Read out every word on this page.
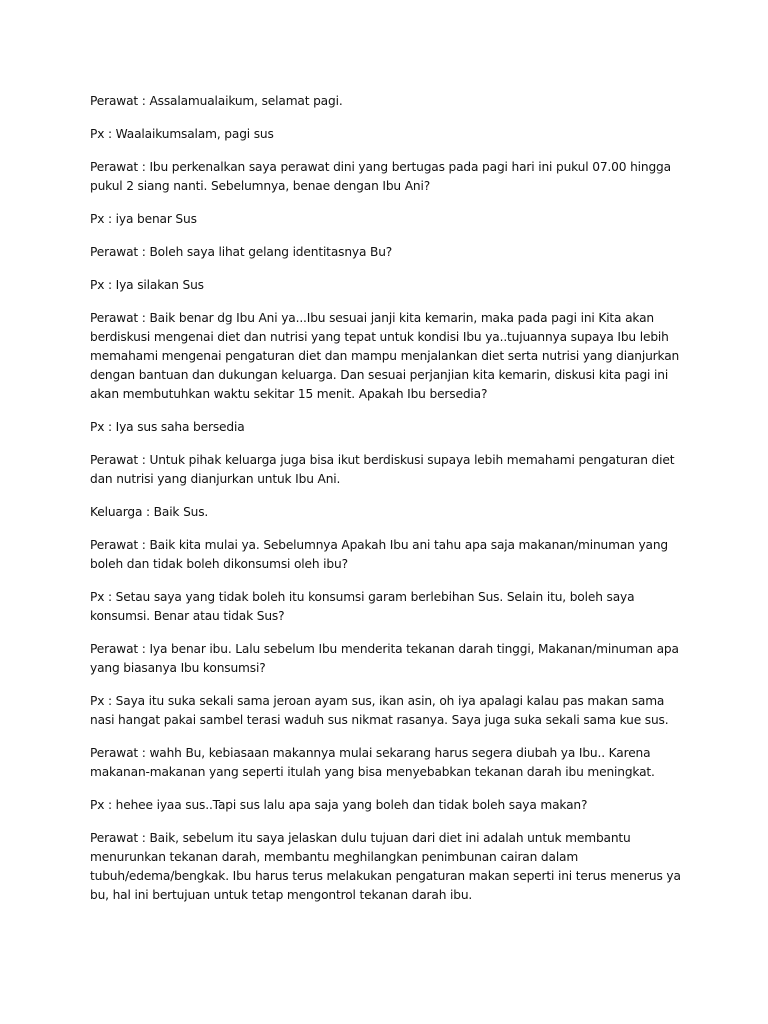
Perawat : Assalamualaikum, selamat pagi.

Px : Waalaikumsalam, pagi sus

Perawat : Ibu perkenalkan saya perawat dini yang bertugas pada pagi hari ini pukul 07.00 hingga pukul 2 siang nanti. Sebelumnya, benae dengan Ibu Ani?

Px : iya benar Sus

Perawat : Boleh saya lihat gelang identitasnya Bu?

Px : Iya silakan Sus

Perawat : Baik benar dg Ibu Ani ya...Ibu sesuai janji kita kemarin, maka pada pagi ini Kita akan berdiskusi mengenai diet dan nutrisi yang tepat untuk kondisi Ibu ya..tujuannya supaya Ibu lebih memahami mengenai pengaturan diet dan mampu menjalankan diet serta nutrisi yang dianjurkan dengan bantuan dan dukungan keluarga. Dan sesuai perjanjian kita kemarin, diskusi kita pagi ini akan membutuhkan waktu sekitar 15 menit. Apakah Ibu bersedia?

Px : Iya sus saha bersedia

Perawat : Untuk pihak keluarga juga bisa ikut berdiskusi supaya lebih memahami pengaturan diet dan nutrisi yang dianjurkan untuk Ibu Ani.

Keluarga : Baik Sus.

Perawat : Baik kita mulai ya. Sebelumnya Apakah Ibu ani tahu apa saja makanan/minuman yang boleh dan tidak boleh dikonsumsi oleh ibu?

Px : Setau saya yang tidak boleh itu konsumsi garam berlebihan Sus. Selain itu, boleh saya konsumsi. Benar atau tidak Sus?

Perawat : Iya benar ibu. Lalu sebelum Ibu menderita tekanan darah tinggi, Makanan/minuman apa yang biasanya Ibu konsumsi?

Px : Saya itu suka sekali sama jeroan ayam sus, ikan asin, oh iya apalagi kalau pas makan sama nasi hangat pakai sambel terasi waduh sus nikmat rasanya. Saya juga suka sekali sama kue sus.

Perawat : wahh Bu, kebiasaan makannya mulai sekarang harus segera diubah ya Ibu.. Karena makanan-makanan yang seperti itulah yang bisa menyebabkan tekanan darah ibu meningkat.

Px : hehee iyaa sus..Tapi sus lalu apa saja yang boleh dan tidak boleh saya makan?

Perawat : Baik, sebelum itu saya jelaskan dulu tujuan dari diet ini adalah untuk membantu menurunkan tekanan darah, membantu meghilangkan penimbunan cairan dalam tubuh/edema/bengkak. Ibu harus terus melakukan pengaturan makan seperti ini terus menerus ya bu, hal ini bertujuan untuk tetap mengontrol tekanan darah ibu.
